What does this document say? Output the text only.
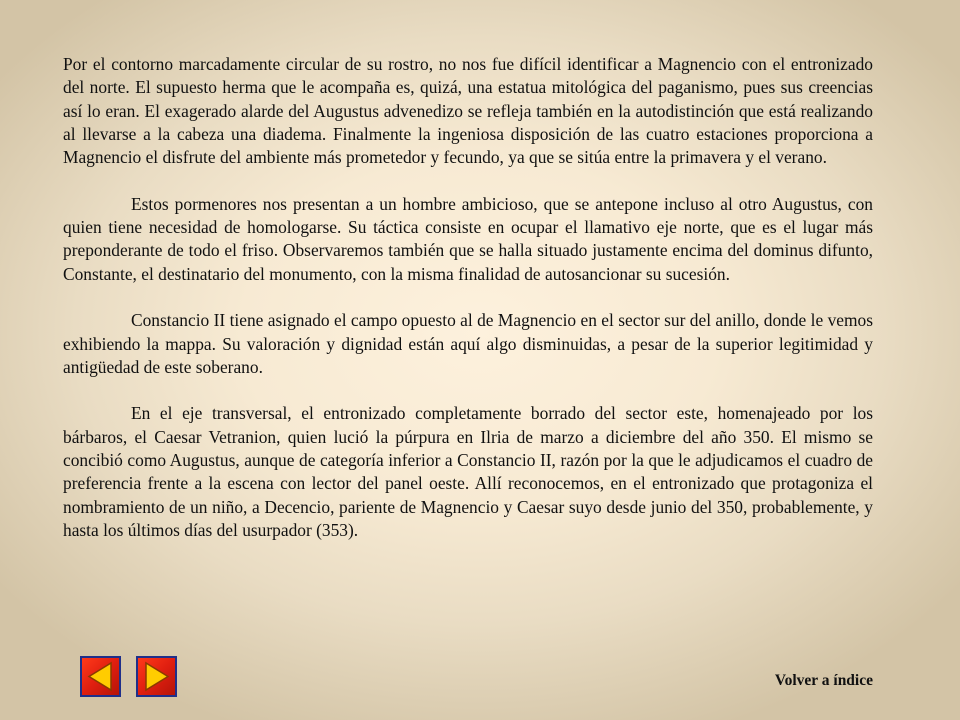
Por el contorno marcadamente circular de su rostro, no nos fue difícil identificar a Magnencio con el entronizado del norte. El supuesto herma que le acompaña es, quizá, una estatua mitológica del paganismo, pues sus creencias así lo eran. El exagerado alarde del Augustus advenedizo se refleja también en la autodistinción que está realizando al llevarse a la cabeza una diadema. Finalmente la ingeniosa disposición de las cuatro estaciones proporciona a Magnencio el disfrute del ambiente más prometedor y fecundo, ya que se sitúa entre la primavera y el verano.

Estos pormenores nos presentan a un hombre ambicioso, que se antepone incluso al otro Augustus, con quien tiene necesidad de homologarse. Su táctica consiste en ocupar el llamativo eje norte, que es el lugar más preponderante de todo el friso. Observaremos también que se halla situado justamente encima del dominus difunto, Constante, el destinatario del monumento, con la misma finalidad de autosancionar su sucesión.

Constancio II tiene asignado el campo opuesto al de Magnencio en el sector sur del anillo, donde le vemos exhibiendo la mappa. Su valoración y dignidad están aquí algo disminuidas, a pesar de la superior legitimidad y antigüedad de este soberano.

En el eje transversal, el entronizado completamente borrado del sector este, homenajeado por los bárbaros, el Caesar Vetranion, quien lució la púrpura en Ilria de marzo a diciembre del año 350. El mismo se concibió como Augustus, aunque de categoría inferior a Constancio II, razón por la que le adjudicamos el cuadro de preferencia frente a la escena con lector del panel oeste. Allí reconocemos, en el entronizado que protagoniza el nombramiento de un niño, a Decencio, pariente de Magnencio y Caesar suyo desde junio del 350, probablemente, y hasta los últimos días del usurpador (353).

Volver a índice
